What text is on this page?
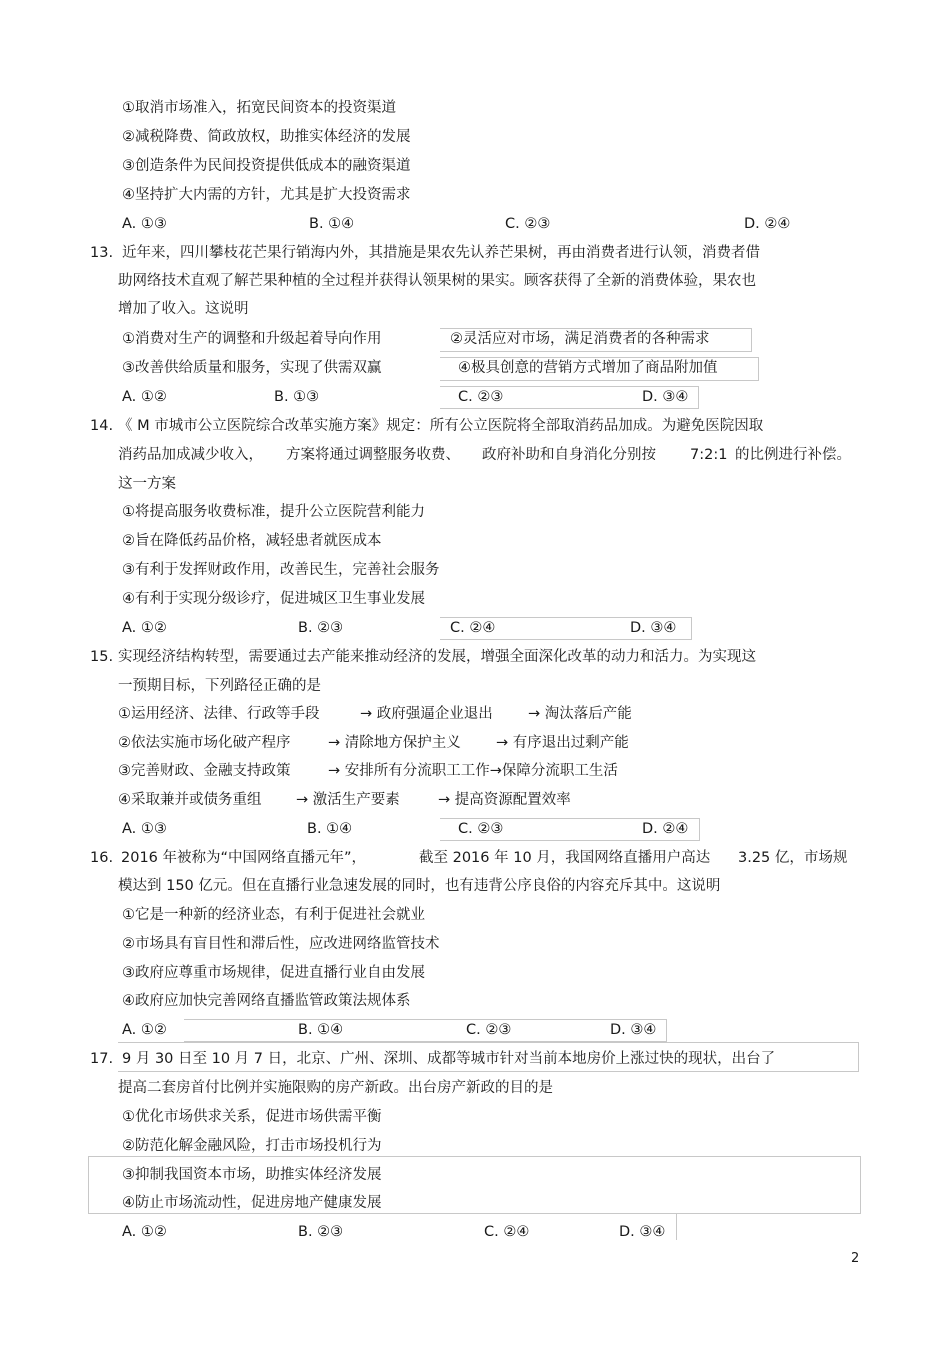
①取消市场准入，拓宽民间资本的投资渠道
②减税降费、简政放权，助推实体经济的发展
③创造条件为民间投资提供低成本的融资渠道
④坚持扩大内需的方针，尤其是扩大投资需求
A. ①③	B. ①④	C. ②③	D. ②④
13. 近年来，四川攀枝花芒果行销海内外，其措施是果农先认养芒果树，再由消费者进行认领，消费者借
助网络技术直观了解芒果种植的全过程并获得认领果树的果实。顾客获得了全新的消费体验，果农也
增加了收入。这说明
①消费对生产的调整和升级起着导向作用	②灵活应对市场，满足消费者的各种需求
③改善供给质量和服务，实现了供需双赢	④极具创意的营销方式增加了商品附加值
A. ①②	B. ①③	C. ②③	D. ③④
14. 《 M 市城市公立医院综合改革实施方案》规定：所有公立医院将全部取消药品加成。为避免医院因取
消药品加成减少收入， 方案将通过调整服务收费、 政府补助和自身消化分别按 7:2:1 的比例进行补偿。
这一方案
①将提高服务收费标准，提升公立医院营利能力
②旨在降低药品价格，减轻患者就医成本
③有利于发挥财政作用，改善民生，完善社会服务
④有利于实现分级诊疗，促进城区卫生事业发展
A. ①②	B. ②③	C. ②④	D. ③④
15. 实现经济结构转型，需要通过去产能来推动经济的发展，增强全面深化改革的动力和活力。为实现这
一预期目标，下列路径正确的是
①运用经济、法律、行政等手段	→ 政府强逼企业退出 → 淘汰落后产能
②依法实施市场化破产程序	→ 清除地方保护主义 → 有序退出过剩产能
③完善财政、金融支持政策	→ 安排所有分流职工工作→保障分流职工生活
④采取兼并或债务重组 → 激活生产要素	→ 提高资源配置效率
A. ①③	B. ①④	C. ②③	D. ②④
16. 2016 年被称为“中国网络直播元年”，	截至 2016 年 10 月，我国网络直播用户高达 3.25 亿，市场规
模达到 150 亿元。但在直播行业急速发展的同时，也有违背公序良俗的内容充斥其中。这说明
①它是一种新的经济业态，有利于促进社会就业
②市场具有盲目性和滞后性，应改进网络监管技术
③政府应尊重市场规律，促进直播行业自由发展
④政府应加快完善网络直播监管政策法规体系
A. ①②	B. ①④	C. ②③	D. ③④
17. 9 月 30 日至 10 月 7 日，北京、广州、深圳、成都等城市针对当前本地房价上涨过快的现状，出台了
提高二套房首付比例并实施限购的房产新政。出台房产新政的目的是
①优化市场供求关系，促进市场供需平衡
②防范化解金融风险，打击市场投机行为
③抑制我国资本市场，助推实体经济发展
④防止市场流动性，促进房地产健康发展
A. ①②	B. ②③	C. ②④	D. ③④
2
